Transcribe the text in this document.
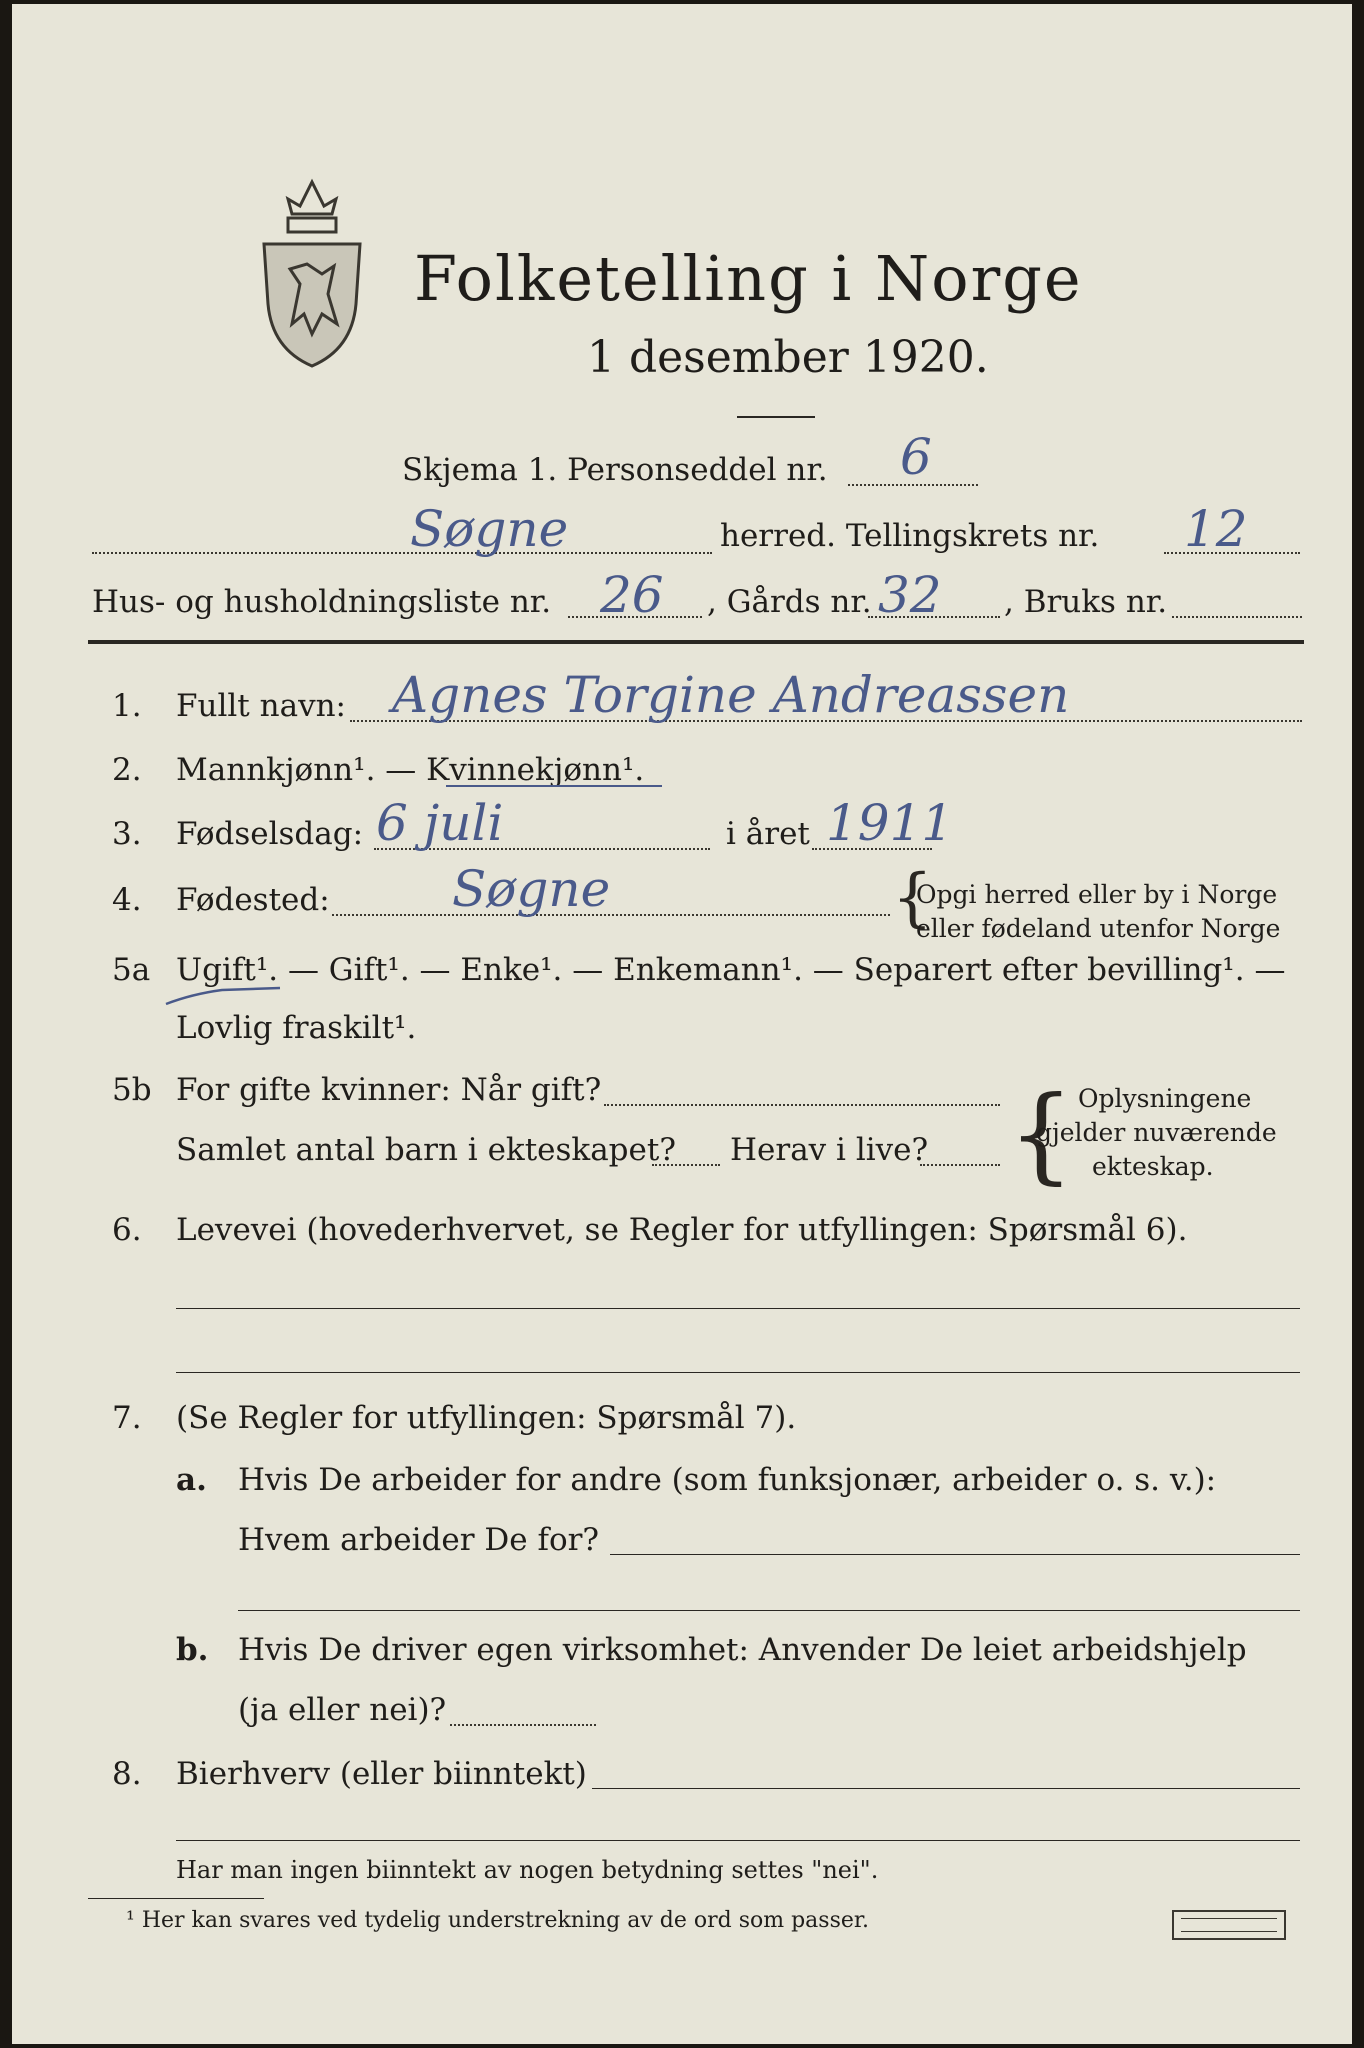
Folketelling i Norge
1 desember 1920.
Skjema 1. Personseddel nr. 6
Søgne	herred. Tellingskrets nr. 12
Hus- og husholdningsliste nr. 26 , Gårds nr. 32 , Bruks nr.
1. Fullt navn: Agnes Torgine Andreassen
2. Mannkjønn¹. — Kvinnekjønn¹.
3. Fødselsdag: 6 juli	i året 1911
4. Fødested: Søgne	{
Opgi herred eller by i Norge
eller fødeland utenfor Norge
5a Ugift¹. — Gift¹. — Enke¹. — Enkemann¹. — Separert efter bevilling¹. —
Lovlig fraskilt¹.
5b For gifte kvinner: Når gift?
Samlet antal barn i ekteskapet? Herav i live? { Oplysningene
gjelder nuværende
ekteskap.
6. Levevei (hovederhvervet, se Regler for utfyllingen: Spørsmål 6).
7. (Se Regler for utfyllingen: Spørsmål 7).
a. Hvis De arbeider for andre (som funksjonær, arbeider o. s. v.):
Hvem arbeider De for?
b. Hvis De driver egen virksomhet: Anvender De leiet arbeidshjelp
(ja eller nei)?
8. Bierhverv (eller biinntekt)
Har man ingen biinntekt av nogen betydning settes "nei".
¹ Her kan svares ved tydelig understrekning av de ord som passer.
